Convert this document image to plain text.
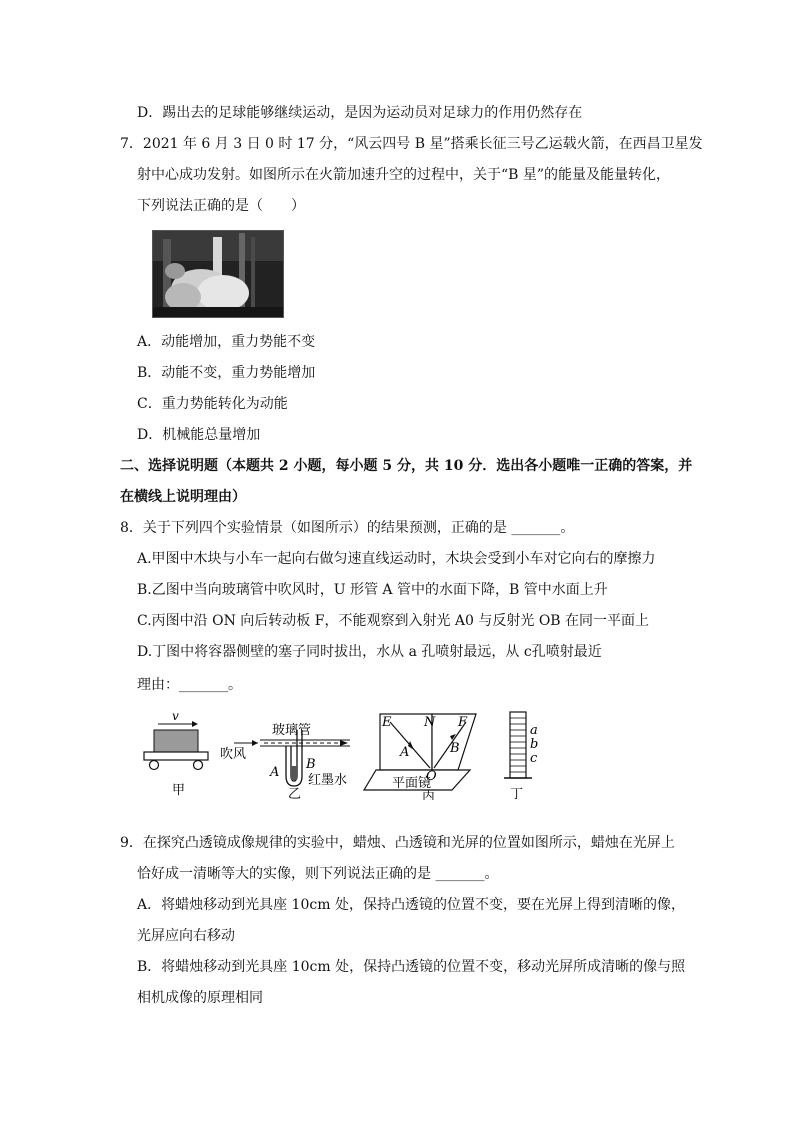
D．踢出去的足球能够继续运动，是因为运动员对足球力的作用仍然存在
7．2021 年 6 月 3 日 0 时 17 分，“风云四号 B 星”搭乘长征三号乙运载火箭，在西昌卫星发
射中心成功发射。如图所示在火箭加速升空的过程中，关于“B 星”的能量及能量转化，
下列说法正确的是（　　）
A．动能增加，重力势能不变
B．动能不变，重力势能增加
C．重力势能转化为动能
D．机械能总量增加
二、选择说明题（本题共 2 小题，每小题 5 分，共 10 分．选出各小题唯一正确的答案，并
在横线上说明理由）
8．关于下列四个实验情景（如图所示）的结果预测，正确的是 _______。
A.甲图中木块与小车一起向右做匀速直线运动时，木块会受到小车对它向右的摩擦力
B.乙图中当向玻璃管中吹风时，U 形管 A 管中的水面下降，B 管中水面上升
C.丙图中沿 ON 向后转动板 F，不能观察到入射光 A0 与反射光 OB 在同一平面上
D.丁图中将容器侧壁的塞子同时拔出，水从 a 孔喷射最远，从 c孔喷射最近
理由：_______。
v
甲
玻璃管
吹风
A
B
红墨水
乙
E	N F
A	B
O
平面镜
丙
a
b
c
丁
9．在探究凸透镜成像规律的实验中，蜡烛、凸透镜和光屏的位置如图所示，蜡烛在光屏上
恰好成一清晰等大的实像，则下列说法正确的是 _______。
A．将蜡烛移动到光具座 10cm 处，保持凸透镜的位置不变，要在光屏上得到清晰的像，
光屏应向右移动
B．将蜡烛移动到光具座 10cm 处，保持凸透镜的位置不变，移动光屏所成清晰的像与照
相机成像的原理相同
